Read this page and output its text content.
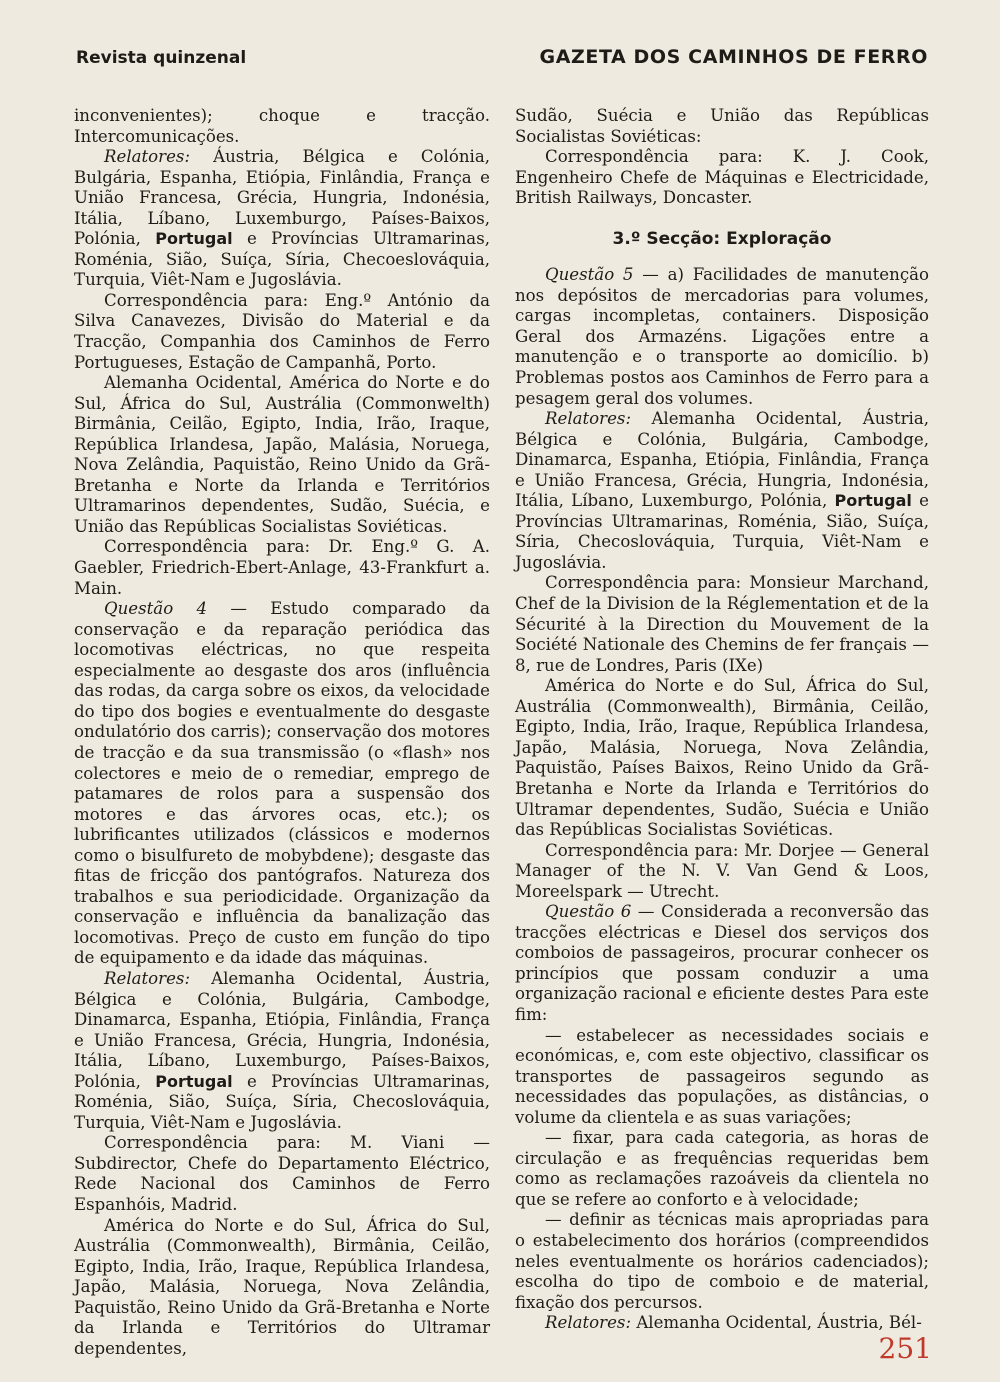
Revista quinzenal	GAZETA DOS CAMINHOS DE FERRO

inconvenientes); choque e tracção. Intercomunicações.

Relatores: Áustria, Bélgica e Colónia, Bulgária, Espanha, Etiópia, Finlândia, França e União Francesa, Grécia, Hungria, Indonésia, Itália, Líbano, Luxemburgo, Países-Baixos, Polónia, Portugal e Províncias Ultramarinas, Roménia, Sião, Suíça, Síria, Checoeslováquia, Turquia, Viêt-Nam e Jugoslávia.

Correspondência para: Eng.º António da Silva Canavezes, Divisão do Material e da Tracção, Companhia dos Caminhos de Ferro Portugueses, Estação de Campanhã, Porto.

Alemanha Ocidental, América do Norte e do Sul, África do Sul, Austrália (Commonwelth) Birmânia, Ceilão, Egipto, India, Irão, Iraque, República Irlandesa, Japão, Malásia, Noruega, Nova Zelândia, Paquistão, Reino Unido da Grã-Bretanha e Norte da Irlanda e Territórios Ultramarinos dependentes, Sudão, Suécia, e União das Repúblicas Socialistas Soviéticas.

Correspondência para: Dr. Eng.º G. A. Gaebler, Friedrich-Ebert-Anlage, 43-Frankfurt a. Main.

Questão 4 — Estudo comparado da conservação e da reparação periódica das locomotivas eléctricas, no que respeita especialmente ao desgaste dos aros (influência das rodas, da carga sobre os eixos, da velocidade do tipo dos bogies e eventualmente do desgaste ondulatório dos carris); conservação dos motores de tracção e da sua transmissão (o «flash» nos colectores e meio de o remediar, emprego de patamares de rolos para a suspensão dos motores e das árvores ocas, etc.); os lubrificantes utilizados (clássicos e modernos como o bisulfureto de mobybdene); desgaste das fitas de fricção dos pantógrafos. Natureza dos trabalhos e sua periodicidade. Organização da conservação e influência da banalização das locomotivas. Preço de custo em função do tipo de equipamento e da idade das máquinas.

Relatores: Alemanha Ocidental, Áustria, Bélgica e Colónia, Bulgária, Cambodge, Dinamarca, Espanha, Etiópia, Finlândia, França e União Francesa, Grécia, Hungria, Indonésia, Itália, Líbano, Luxemburgo, Países-Baixos, Polónia, Portugal e Províncias Ultramarinas, Roménia, Sião, Suíça, Síria, Checoslováquia, Turquia, Viêt-Nam e Jugoslávia.

Correspondência para: M. Viani — Subdirector, Chefe do Departamento Eléctrico, Rede Nacional dos Caminhos de Ferro Espanhóis, Madrid.

América do Norte e do Sul, África do Sul, Austrália (Commonwealth), Birmânia, Ceilão, Egipto, India, Irão, Iraque, República Irlandesa, Japão, Malásia, Noruega, Nova Zelândia, Paquistão, Reino Unido da Grã-Bretanha e Norte da Irlanda e Territórios do Ultramar dependentes,

Sudão, Suécia e União das Repúblicas Socialistas Soviéticas:

Correspondência para: K. J. Cook, Engenheiro Chefe de Máquinas e Electricidade, British Railways, Doncaster.

3.º Secção: Exploração

Questão 5 — a) Facilidades de manutenção nos depósitos de mercadorias para volumes, cargas incompletas, containers. Disposição Geral dos Armazéns. Ligações entre a manutenção e o transporte ao domicílio. b) Problemas postos aos Caminhos de Ferro para a pesagem geral dos volumes.

Relatores: Alemanha Ocidental, Áustria, Bélgica e Colónia, Bulgária, Cambodge, Dinamarca, Espanha, Etiópia, Finlândia, França e União Francesa, Grécia, Hungria, Indonésia, Itália, Líbano, Luxemburgo, Polónia, Portugal e Províncias Ultramarinas, Roménia, Sião, Suíça, Síria, Checoslováquia, Turquia, Viêt-Nam e Jugoslávia.

Correspondência para: Monsieur Marchand, Chef de la Division de la Réglementation et de la Sécurité à la Direction du Mouvement de la Société Nationale des Chemins de fer français — 8, rue de Londres, Paris (IXe)

América do Norte e do Sul, África do Sul, Austrália (Commonwealth), Birmânia, Ceilão, Egipto, India, Irão, Iraque, República Irlandesa, Japão, Malásia, Noruega, Nova Zelândia, Paquistão, Países Baixos, Reino Unido da Grã-Bretanha e Norte da Irlanda e Territórios do Ultramar dependentes, Sudão, Suécia e União das Repúblicas Socialistas Soviéticas.

Correspondência para: Mr. Dorjee — General Manager of the N. V. Van Gend & Loos, Moreelspark — Utrecht.

Questão 6 — Considerada a reconversão das tracções eléctricas e Diesel dos serviços dos comboios de passageiros, procurar conhecer os princípios que possam conduzir a uma organização racional e eficiente destes Para este fim:

— estabelecer as necessidades sociais e económicas, e, com este objectivo, classificar os transportes de passageiros segundo as necessidades das populações, as distâncias, o volume da clientela e as suas variações;

— fixar, para cada categoria, as horas de circulação e as frequências requeridas bem como as reclamações razoáveis da clientela no que se refere ao conforto e à velocidade;

— definir as técnicas mais apropriadas para o estabelecimento dos horários (compreendidos neles eventualmente os horários cadenciados); escolha do tipo de comboio e de material, fixação dos percursos.

Relatores: Alemanha Ocidental, Áustria, Bél-

251
